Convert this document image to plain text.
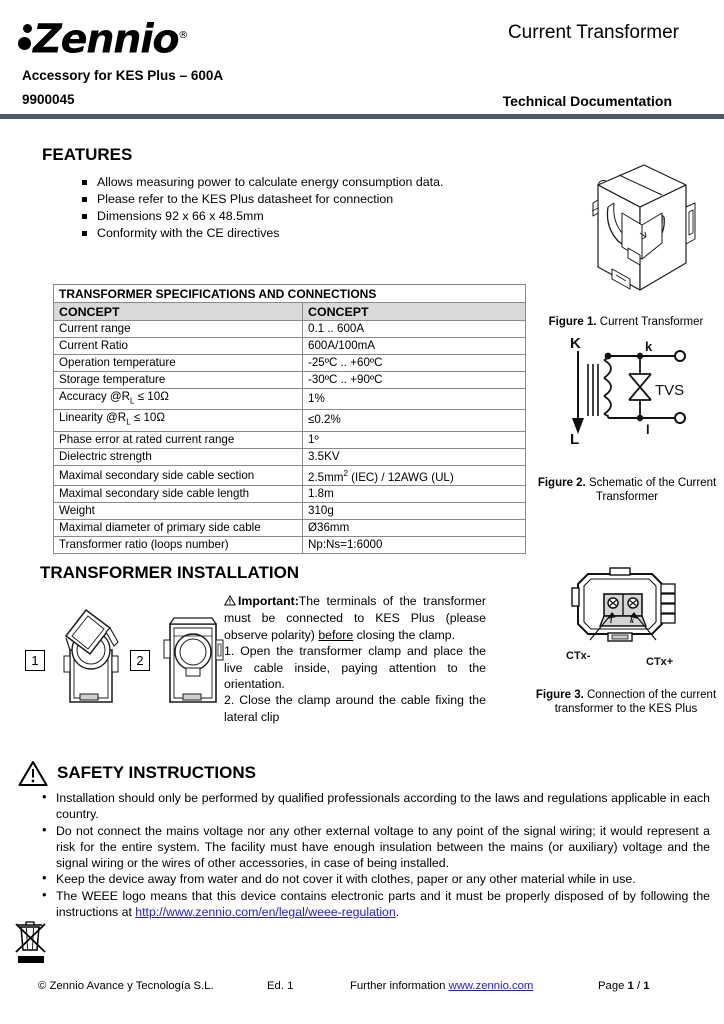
Zennio®	Current Transformer
Accessory for KES Plus – 600A
9900045	Technical Documentation
FEATURES
Allows measuring power to calculate energy consumption data.
Please refer to the KES Plus datasheet for connection
Dimensions 92 x 66 x 48.5mm
Conformity with the CE directives
TRANSFORMER SPECIFICATIONS AND CONNECTIONS	
CONCEPT	CONCEPT
Current range	0.1 .. 600A
Current Ratio	600A/100mA
Operation temperature	-25ºC .. +60ºC
Storage temperature	-30ºC .. +90ºC
Accuracy $@R_L \le 10\Omega$	1%
Linearity $@R_L \le 10\Omega$	≤0.2%
Phase error at rated current range	1º
Dielectric strength	3.5KV
Maximal secondary side cable section	$2.5mm^2$ (IEC) / 12AWG (UL)
Maximal secondary side cable length	1.8m
Weight	310g
Maximal diameter of primary side cable	Ø36mm
Transformer ratio (loops number)	Np:Ns=1:6000
Figure 1. Current Transformer
K
L
k
l
TVS
Figure 2. Schematic of the Current Transformer
l k
CTx-	CTx+
Figure 3. Connection of the current transformer to the KES Plus
TRANSFORMER INSTALLATION
1	2
Important:The terminals of the transformer must be connected to KES Plus (please observe polarity) before closing the clamp.
1. Open the transformer clamp and place the live cable inside, paying attention to the orientation.
2. Close the clamp around the cable fixing the lateral clip
SAFETY INSTRUCTIONS
• Installation should only be performed by qualified professionals according to the laws and regulations applicable in each country.
• Do not connect the mains voltage nor any other external voltage to any point of the signal wiring; it would represent a risk for the entire system. The facility must have enough insulation between the mains (or auxiliary) voltage and the signal wiring or the wires of other accessories, in case of being installed.
• Keep the device away from water and do not cover it with clothes, paper or any other material while in use.
• The WEEE logo means that this device contains electronic parts and it must be properly disposed of by following the instructions at http://www.zennio.com/en/legal/weee-regulation.
© Zennio Avance y Tecnología S.L.	Ed. 1	Further information www.zennio.com	Page 1 / 1
